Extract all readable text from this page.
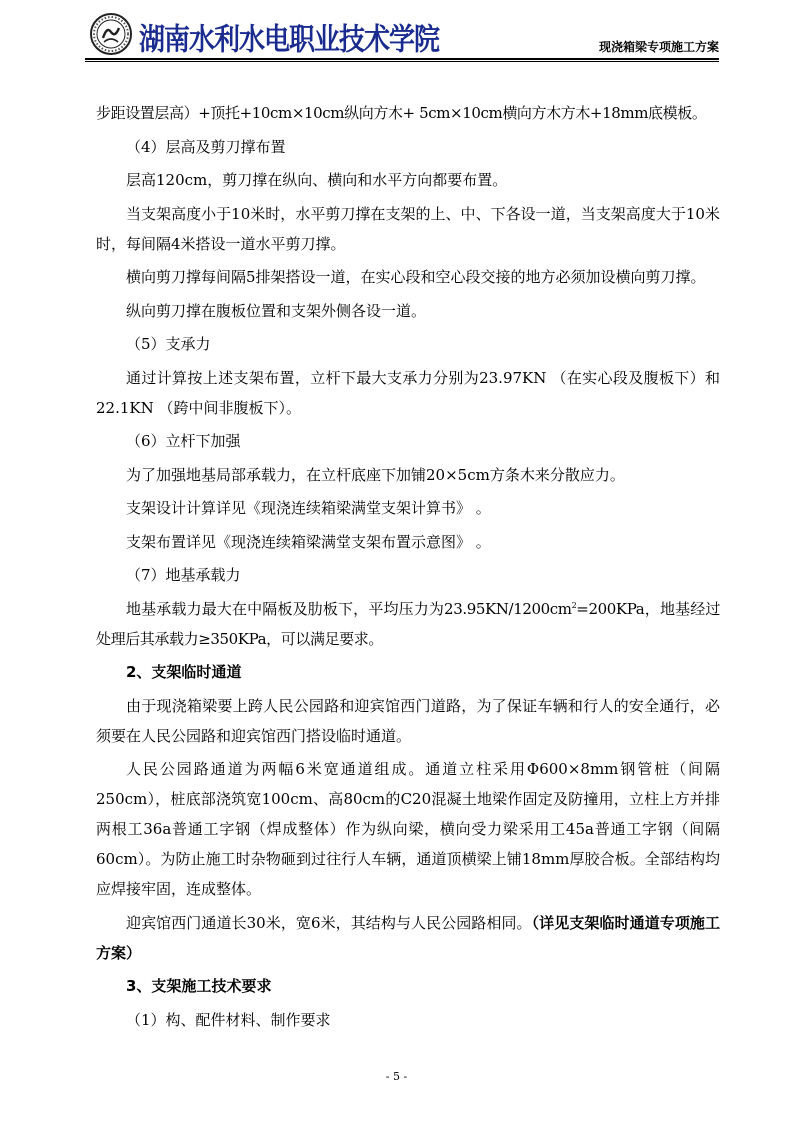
湖南水利水电职业技术学院	现浇箱梁专项施工方案

步距设置层高）+顶托+10cm×10cm纵向方木+ 5cm×10cm横向方木方木+18mm底模板。

（4）层高及剪刀撑布置

层高120cm，剪刀撑在纵向、横向和水平方向都要布置。

当支架高度小于10米时，水平剪刀撑在支架的上、中、下各设一道，当支架高度大于10米时，每间隔4米搭设一道水平剪刀撑。

横向剪刀撑每间隔5排架搭设一道，在实心段和空心段交接的地方必须加设横向剪刀撑。

纵向剪刀撑在腹板位置和支架外侧各设一道。

（5）支承力

通过计算按上述支架布置，立杆下最大支承力分别为23.97KN （在实心段及腹板下）和22.1KN （跨中间非腹板下）。

（6）立杆下加强

为了加强地基局部承载力，在立杆底座下加铺20×5cm方条木来分散应力。

支架设计计算详见《现浇连续箱梁满堂支架计算书》 。

支架布置详见《现浇连续箱梁满堂支架布置示意图》 。

（7）地基承载力

地基承载力最大在中隔板及肋板下，平均压力为$23.95KN/1200cm^2=200KPa$，地基经过处理后其承载力≥350KPa，可以满足要求。

2、支架临时通道

由于现浇箱梁要上跨人民公园路和迎宾馆西门道路，为了保证车辆和行人的安全通行，必须要在人民公园路和迎宾馆西门搭设临时通道。

人民公园路通道为两幅6米宽通道组成。通道立柱采用Φ600×8mm钢管桩（间隔250cm），桩底部浇筑宽100cm、高80cm的C20混凝土地梁作固定及防撞用，立柱上方并排两根工36a普通工字钢（焊成整体）作为纵向梁，横向受力梁采用工45a普通工字钢（间隔60cm）。为防止施工时杂物砸到过往行人车辆，通道顶横梁上铺18mm厚胶合板。全部结构均应焊接牢固，连成整体。

迎宾馆西门通道长30米，宽6米，其结构与人民公园路相同。（详见支架临时通道专项施工方案）

3、支架施工技术要求

（1）构、配件材料、制作要求

- 5 -
